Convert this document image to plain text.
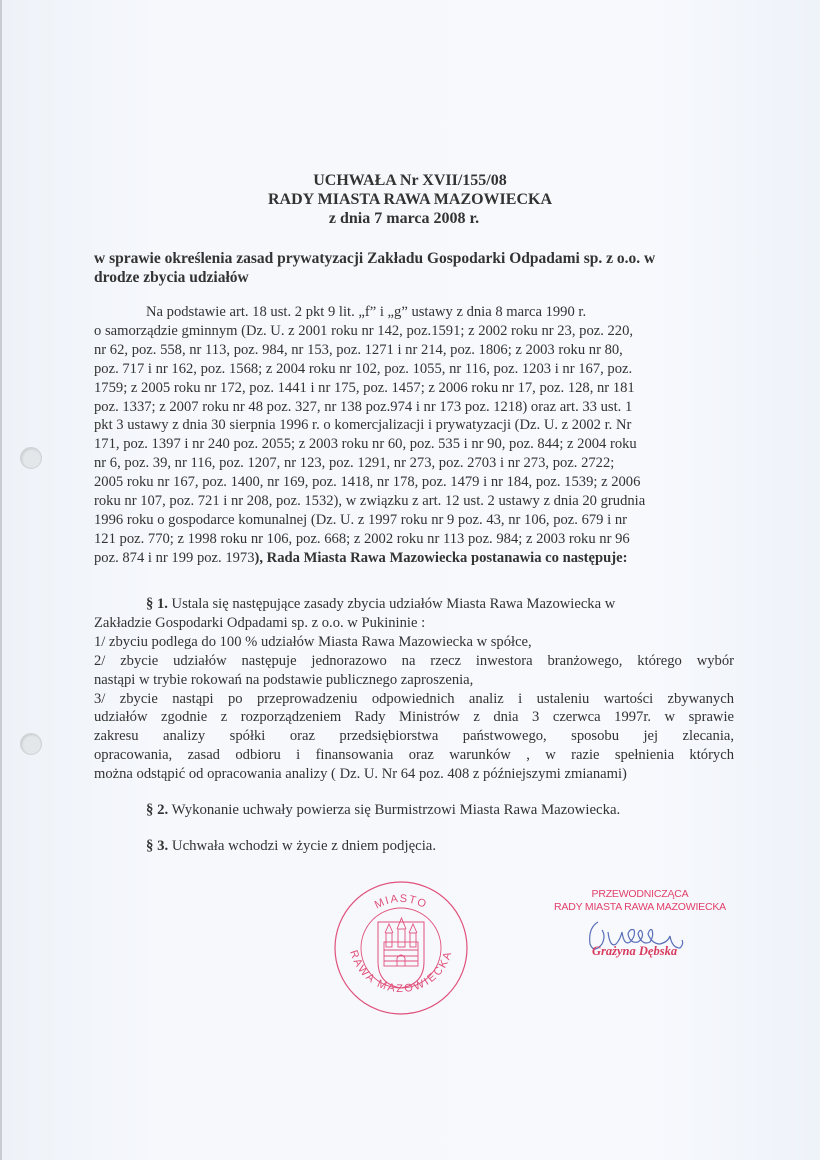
UCHWAŁA Nr XVII/155/08
RADY MIASTA RAWA MAZOWIECKA
z dnia 7 marca 2008 r.
w sprawie określenia zasad prywatyzacji Zakładu Gospodarki Odpadami sp. z o.o. w
drodze zbycia udziałów
Na podstawie art. 18 ust. 2 pkt 9 lit. „f” i „g” ustawy z dnia 8 marca 1990 r.
o samorządzie gminnym (Dz. U. z 2001 roku nr 142, poz.1591; z 2002 roku nr 23, poz. 220,
nr 62, poz. 558, nr 113, poz. 984, nr 153, poz. 1271 i nr 214, poz. 1806; z 2003 roku nr 80,
poz. 717 i nr 162, poz. 1568; z 2004 roku nr 102, poz. 1055, nr 116, poz. 1203 i nr 167, poz.
1759; z 2005 roku nr 172, poz. 1441 i nr 175, poz. 1457; z 2006 roku nr 17, poz. 128, nr 181
poz. 1337; z 2007 roku nr 48 poz. 327, nr 138 poz.974 i nr 173 poz. 1218) oraz art. 33 ust. 1
pkt 3 ustawy z dnia 30 sierpnia 1996 r. o komercjalizacji i prywatyzacji (Dz. U. z 2002 r. Nr
171, poz. 1397 i nr 240 poz. 2055; z 2003 roku nr 60, poz. 535 i nr 90, poz. 844; z 2004 roku
nr 6, poz. 39, nr 116, poz. 1207, nr 123, poz. 1291, nr 273, poz. 2703 i nr 273, poz. 2722;
2005 roku nr 167, poz. 1400, nr 169, poz. 1418, nr 178, poz. 1479 i nr 184, poz. 1539; z 2006
roku nr 107, poz. 721 i nr 208, poz. 1532), w związku z art. 12 ust. 2 ustawy z dnia 20 grudnia
1996 roku o gospodarce komunalnej (Dz. U. z 1997 roku nr 9 poz. 43, nr 106, poz. 679 i nr
121 poz. 770; z 1998 roku nr 106, poz. 668; z 2002 roku nr 113 poz. 984; z 2003 roku nr 96
poz. 874 i nr 199 poz. 1973), Rada Miasta Rawa Mazowiecka postanawia co następuje:
§ 1. Ustala się następujące zasady zbycia udziałów Miasta Rawa Mazowiecka w
Zakładzie Gospodarki Odpadami sp. z o.o. w Pukininie :
1/ zbyciu podlega do 100 % udziałów Miasta Rawa Mazowiecka w spółce,
2/ zbycie udziałów następuje jednorazowo na rzecz inwestora branżowego, którego wybór
nastąpi w trybie rokowań na podstawie publicznego zaproszenia,
3/ zbycie nastąpi po przeprowadzeniu odpowiednich analiz i ustaleniu wartości zbywanych
udziałów zgodnie z rozporządzeniem Rady Ministrów z dnia 3 czerwca 1997r. w sprawie
zakresu analizy spółki oraz przedsiębiorstwa państwowego, sposobu jej zlecania,
opracowania, zasad odbioru i finansowania oraz warunków , w razie spełnienia których
można odstąpić od opracowania analizy ( Dz. U. Nr 64 poz. 408 z późniejszymi zmianami)
§ 2. Wykonanie uchwały powierza się Burmistrzowi Miasta Rawa Mazowiecka.
§ 3. Uchwała wchodzi w życie z dniem podjęcia.
MIASTO
RAWA MAZOWIECKA
PRZEWODNICZĄCA
RADY MIASTA RAWA MAZOWIECKA
Grażyna Dębska
